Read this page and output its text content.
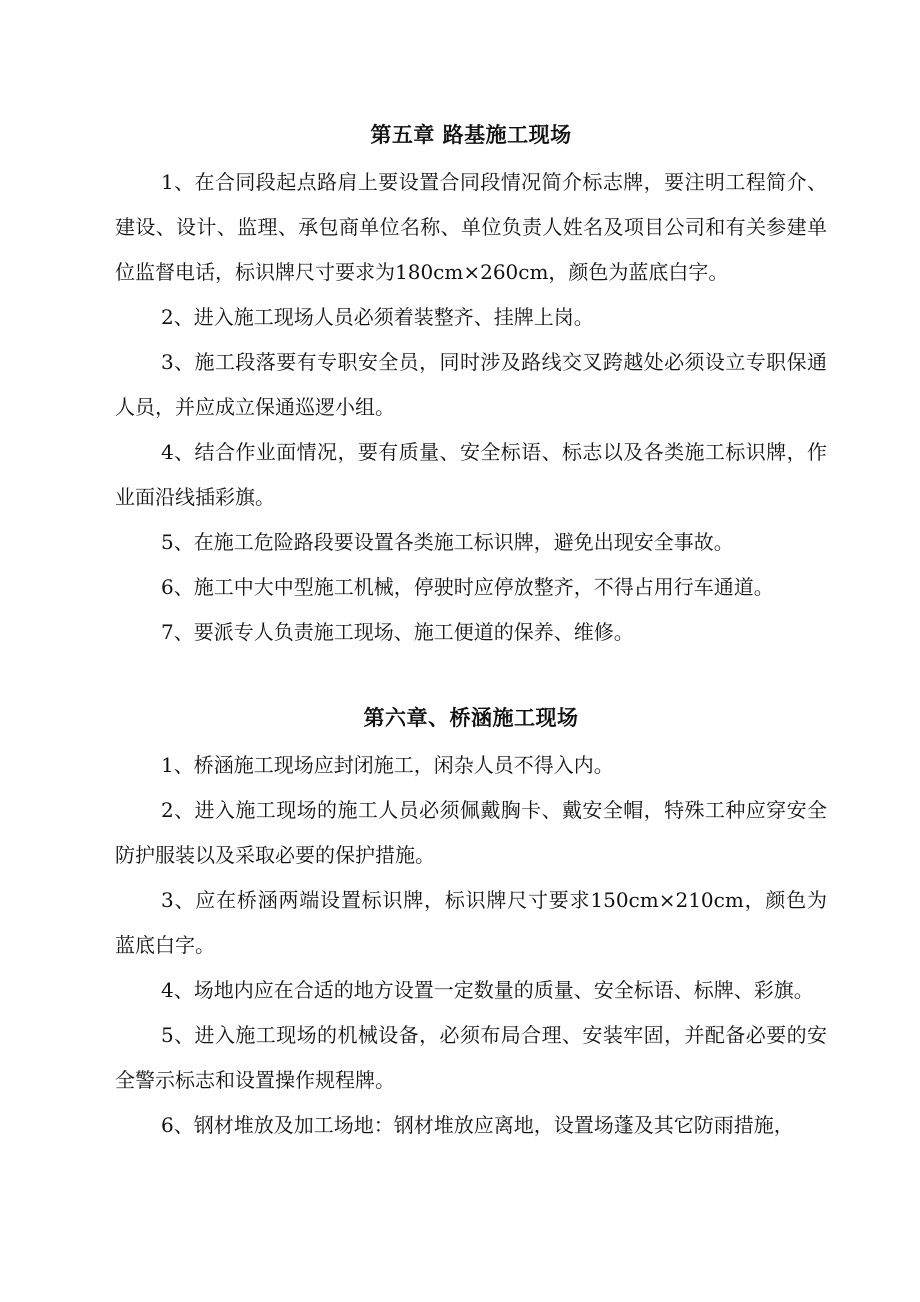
第五章 路基施工现场

1、在合同段起点路肩上要设置合同段情况简介标志牌，要注明工程简介、建设、设计、监理、承包商单位名称、单位负责人姓名及项目公司和有关参建单位监督电话，标识牌尺寸要求为180cm×260cm，颜色为蓝底白字。

2、进入施工现场人员必须着装整齐、挂牌上岗。

3、施工段落要有专职安全员，同时涉及路线交叉跨越处必须设立专职保通人员，并应成立保通巡逻小组。

4、结合作业面情况，要有质量、安全标语、标志以及各类施工标识牌，作业面沿线插彩旗。

5、在施工危险路段要设置各类施工标识牌，避免出现安全事故。

6、施工中大中型施工机械，停驶时应停放整齐，不得占用行车通道。

7、要派专人负责施工现场、施工便道的保养、维修。

第六章、桥涵施工现场

1、桥涵施工现场应封闭施工，闲杂人员不得入内。

2、进入施工现场的施工人员必须佩戴胸卡、戴安全帽，特殊工种应穿安全防护服装以及采取必要的保护措施。

3、应在桥涵两端设置标识牌，标识牌尺寸要求150cm×210cm，颜色为蓝底白字。

4、场地内应在合适的地方设置一定数量的质量、安全标语、标牌、彩旗。

5、进入施工现场的机械设备，必须布局合理、安装牢固，并配备必要的安全警示标志和设置操作规程牌。

6、钢材堆放及加工场地：钢材堆放应离地，设置场蓬及其它防雨措施，
